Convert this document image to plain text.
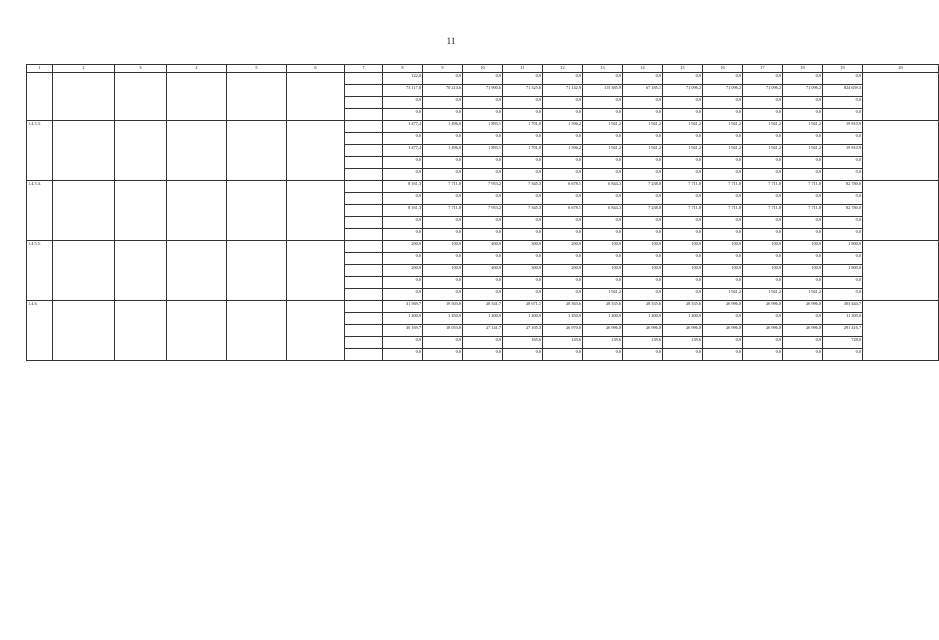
11
1	2	3	4	5	6	7	8	9	10	11	12	13	14	15	16	17	18	19	20
							122,0	0,0	0,0	0,0	0,0	0,0	0,0	0,0	0,0	0,0	0,0	0,0	
							73 117,8	70 214,6	71 900,6	71 325,6	71 142,9	115 385,9	67 185,1	71 096,2	71 096,2	71 096,2	71 096,2	824 659,3	
							0,0	0,0	0,0	0,0	0,0	0,0	0,0	0,0	0,0	0,0	0,0	0,0	
							0,0	0,0	0,0	0,0	0,0	0,0	0,0	0,0	0,0	0,0	0,0	0,0	
1.4.5.3.							1 477,4	1 496,0	1 893,1	1 701,0	1 596,2	1 941,2	1 941,2	1 941,2	1 941,2	1 941,2	1 941,2	19 810,9	
							0,0	0,0	0,0	0,0	0,0	0,0	0,0	0,0	0,0	0,0	0,0	0,0	
							1 477,4	1 496,0	1 893,1	1 701,0	1 596,2	1 941,2	1 941,2	1 941,2	1 941,2	1 941,2	1 941,2	19 810,9	
							0,0	0,0	0,0	0,0	0,0	0,0	0,0	0,0	0,0	0,0	0,0	0,0	
							0,0	0,0	0,0	0,0	0,0	0,0	0,0	0,0	0,0	0,0	0,0	0,0	
1.4.5.4.							8 161,3	7 711,8	7 953,2	7 345,3	6 678,1	6 844,3	7 238,8	7 711,8	7 711,8	7 711,8	7 711,8	82 780,0	
							0,0	0,0	0,0	0,0	0,0	0,0	0,0	0,0	0,0	0,0	0,0	0,0	
							8 161,3	7 711,8	7 953,2	7 345,3	6 678,1	6 844,3	7 238,8	7 711,8	7 711,8	7 711,8	7 711,8	82 780,0	
							0,0	0,0	0,0	0,0	0,0	0,0	0,0	0,0	0,0	0,0	0,0	0,0	
							0,0	0,0	0,0	0,0	0,0	0,0	0,0	0,0	0,0	0,0	0,0	0,0	
1.4.5.5.							200,0	100,0	400,0	300,0	200,0	100,0	100,0	100,0	100,0	100,0	100,0	1 800,0	
							0,0	0,0	0,0	0,0	0,0	0,0	0,0	0,0	0,0	0,0	0,0	0,0	
							200,0	100,0	400,0	300,0	200,0	100,0	100,0	100,0	100,0	100,0	100,0	1 800,0	
							0,0	0,0	0,0	0,0	0,0	0,0	0,0	0,0	0,0	0,0	0,0	0,0	
							0,0	0,0	0,0	0,0	0,0	1 941,2	0,0	0,0	1 941,2	1 941,2	1 941,2	0,0	
1.4.6.							31 569,7	19 503,8	28 541,7	28 671,1	28 563,6	28 535,6	28 535,6	28 535,6	26 996,0	26 996,0	26 996,0	303 444,7	
							1 400,0	1 450,0	1 400,0	1 400,0	1 450,0	1 400,0	1 400,0	1 400,0	0,0	0,0	0,0	11 300,0	
							30 169,7	18 053,8	27 141,7	27 105,3	26 970,0	26 996,0	26 996,0	26 996,0	26 996,0	26 996,0	26 996,0	291 416,7	
							0,0	0,0	0,0	165,6	143,6	139,6	139,6	139,6	0,0	0,0	0,0	728,0	
							0,0	0,0	0,0	0,0	0,0	0,0	0,0	0,0	0,0	0,0	0,0	0,0	
